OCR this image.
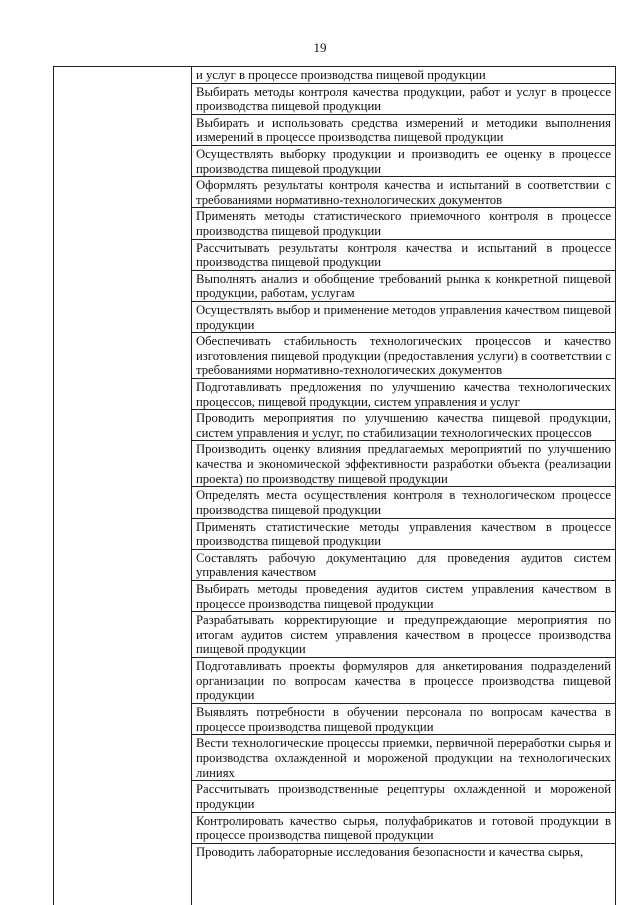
19

и услуг в процессе производства пищевой продукции

Выбирать методы контроля качества продукции, работ и услуг в процессе производства пищевой продукции

Выбирать и использовать средства измерений и методики выполнения измерений в процессе производства пищевой продукции

Осуществлять выборку продукции и производить ее оценку в процессе производства пищевой продукции

Оформлять результаты контроля качества и испытаний в соответствии с требованиями нормативно-технологических документов

Применять методы статистического приемочного контроля в процессе производства пищевой продукции

Рассчитывать результаты контроля качества и испытаний в процессе производства пищевой продукции

Выполнять анализ и обобщение требований рынка к конкретной пищевой продукции, работам, услугам

Осуществлять выбор и применение методов управления качеством пищевой продукции

Обеспечивать стабильность технологических процессов и качество изготовления пищевой продукции (предоставления услуги) в соответствии с требованиями нормативно-технологических документов

Подготавливать предложения по улучшению качества технологических процессов, пищевой продукции, систем управления и услуг

Проводить мероприятия по улучшению качества пищевой продукции, систем управления и услуг, по стабилизации технологических процессов

Производить оценку влияния предлагаемых мероприятий по улучшению качества и экономической эффективности разработки объекта (реализации проекта) по производству пищевой продукции

Определять места осуществления контроля в технологическом процессе производства пищевой продукции

Применять статистические методы управления качеством в процессе производства пищевой продукции

Составлять рабочую документацию для проведения аудитов систем управления качеством

Выбирать методы проведения аудитов систем управления качеством в процессе производства пищевой продукции

Разрабатывать корректирующие и предупреждающие мероприятия по итогам аудитов систем управления качеством в процессе производства пищевой продукции

Подготавливать проекты формуляров для анкетирования подразделений организации по вопросам качества в процессе производства пищевой продукции

Выявлять потребности в обучении персонала по вопросам качества в процессе производства пищевой продукции

Вести технологические процессы приемки, первичной переработки сырья и производства охлажденной и мороженой продукции на технологических линиях

Рассчитывать производственные рецептуры охлажденной и мороженой продукции

Контролировать качество сырья, полуфабрикатов и готовой продукции в процессе производства пищевой продукции

Проводить лабораторные исследования безопасности и качества сырья,
